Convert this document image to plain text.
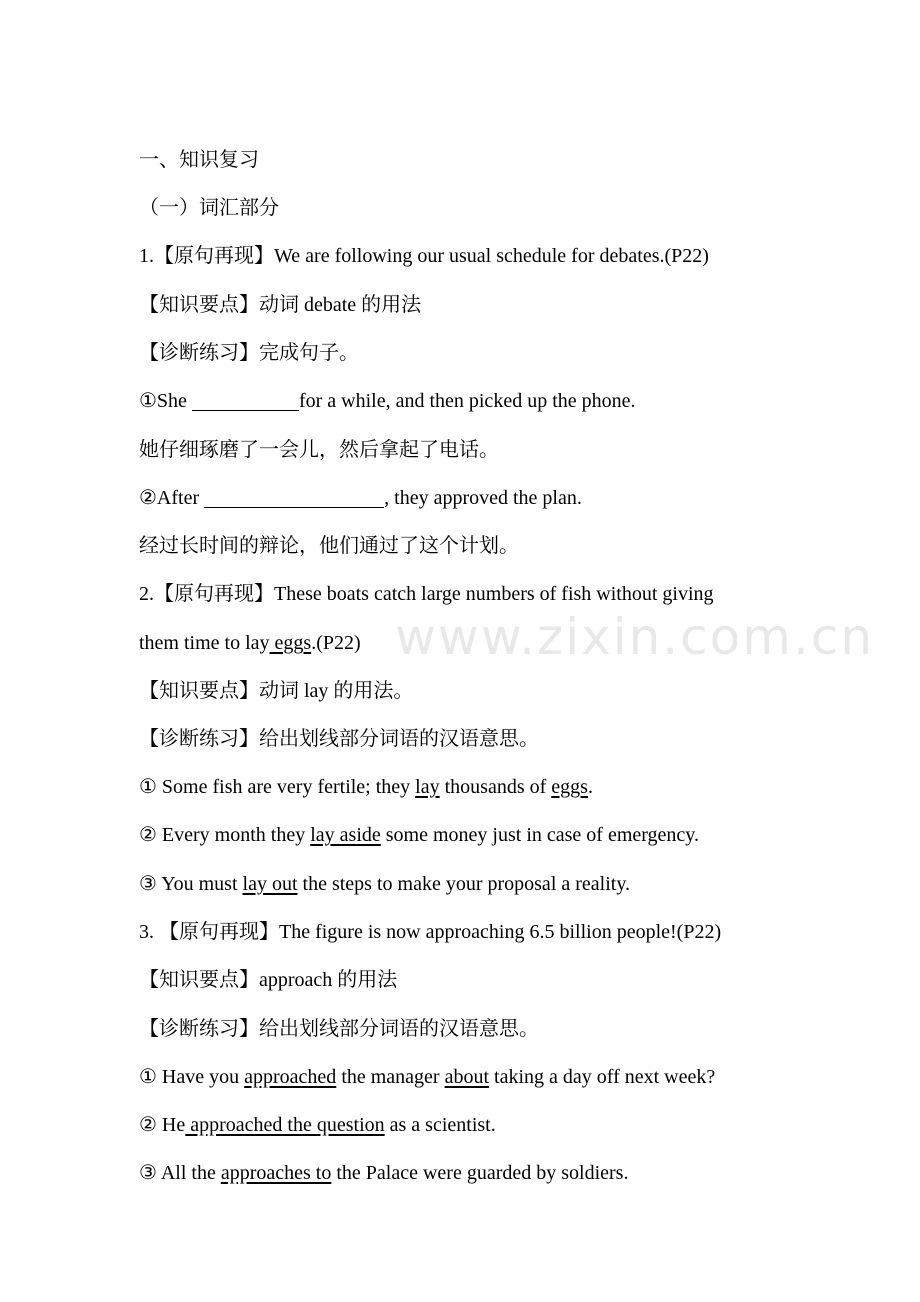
www.zixin.com.cn
一、知识复习
（一）词汇部分
1.【原句再现】We are following our usual schedule for debates.(P22)
【知识要点】动词 debate 的用法
【诊断练习】完成句子。
①She	for a while, and then picked up the phone.
她仔细琢磨了一会儿，然后拿起了电话。
②After	, they approved the plan.
经过长时间的辩论，他们通过了这个计划。
2.【原句再现】These boats catch large numbers of fish without giving
them time to lay eggs.(P22)
【知识要点】动词 lay 的用法。
【诊断练习】给出划线部分词语的汉语意思。
① Some fish are very fertile; they lay thousands of eggs.
② Every month they lay aside some money just in case of emergency.
③ You must lay out the steps to make your proposal a reality.
3. 【原句再现】The figure is now approaching 6.5 billion people!(P22)
【知识要点】approach 的用法
【诊断练习】给出划线部分词语的汉语意思。
① Have you approached the manager about taking a day off next week?
② He approached the question as a scientist.
③ All the approaches to the Palace were guarded by soldiers.
